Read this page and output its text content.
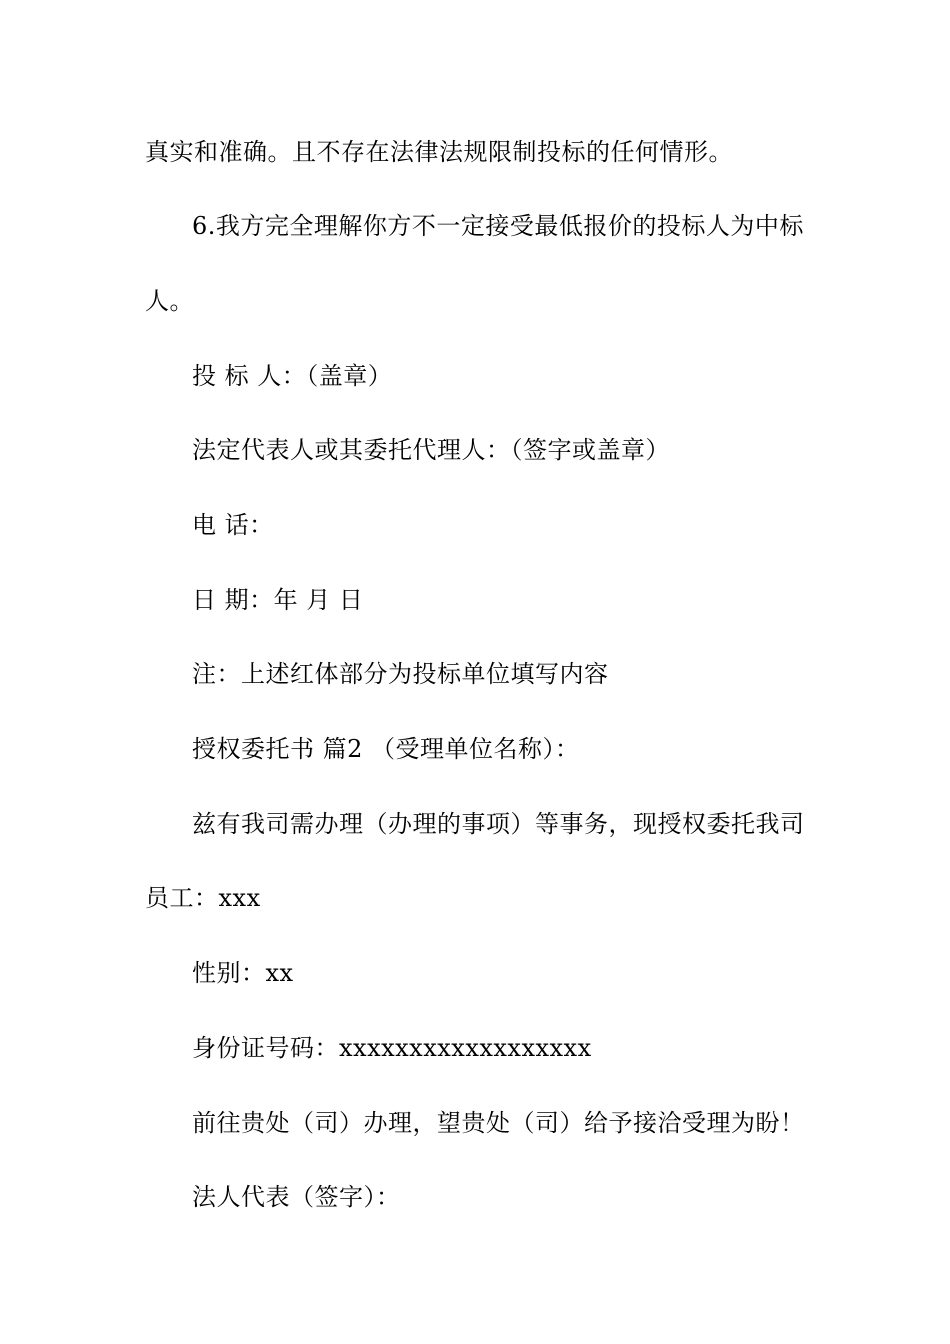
真实和准确。且不存在法律法规限制投标的任何情形。
6.我方完全理解你方不一定接受最低报价的投标人为中标
人。
投 标 人：（盖章）
法定代表人或其委托代理人：（签字或盖章）
电 话：
日 期：年 月 日
注：上述红体部分为投标单位填写内容
授权委托书 篇2 （受理单位名称）：
兹有我司需办理（办理的事项）等事务，现授权委托我司
员工：xxx
性别：xx
身份证号码：xxxxxxxxxxxxxxxxxx
前往贵处（司）办理，望贵处（司）给予接洽受理为盼！
法人代表（签字）：
